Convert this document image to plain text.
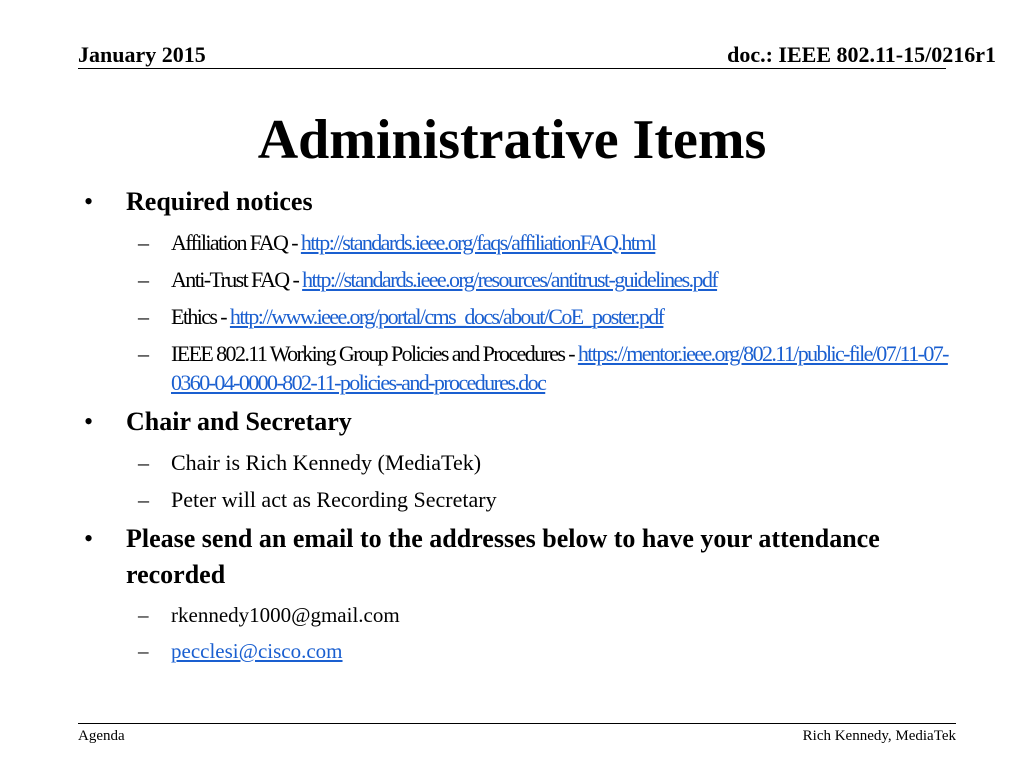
January 2015	doc.: IEEE 802.11-15/0216r1
Administrative Items
• Required notices
– Affiliation FAQ - http://standards.ieee.org/faqs/affiliationFAQ.html
– Anti-Trust FAQ - http://standards.ieee.org/resources/antitrust-guidelines.pdf
– Ethics - http://www.ieee.org/portal/cms_docs/about/CoE_poster.pdf
– IEEE 802.11 Working Group Policies and Procedures - https://mentor.ieee.org/802.11/public-file/07/11-07-0360-04-0000-802-11-policies-and-procedures.doc
• Chair and Secretary
– Chair is Rich Kennedy (MediaTek)
– Peter will act as Recording Secretary
• Please send an email to the addresses below to have your attendance recorded
– rkennedy1000@gmail.com
– pecclesi@cisco.com
Agenda	Rich Kennedy, MediaTek
